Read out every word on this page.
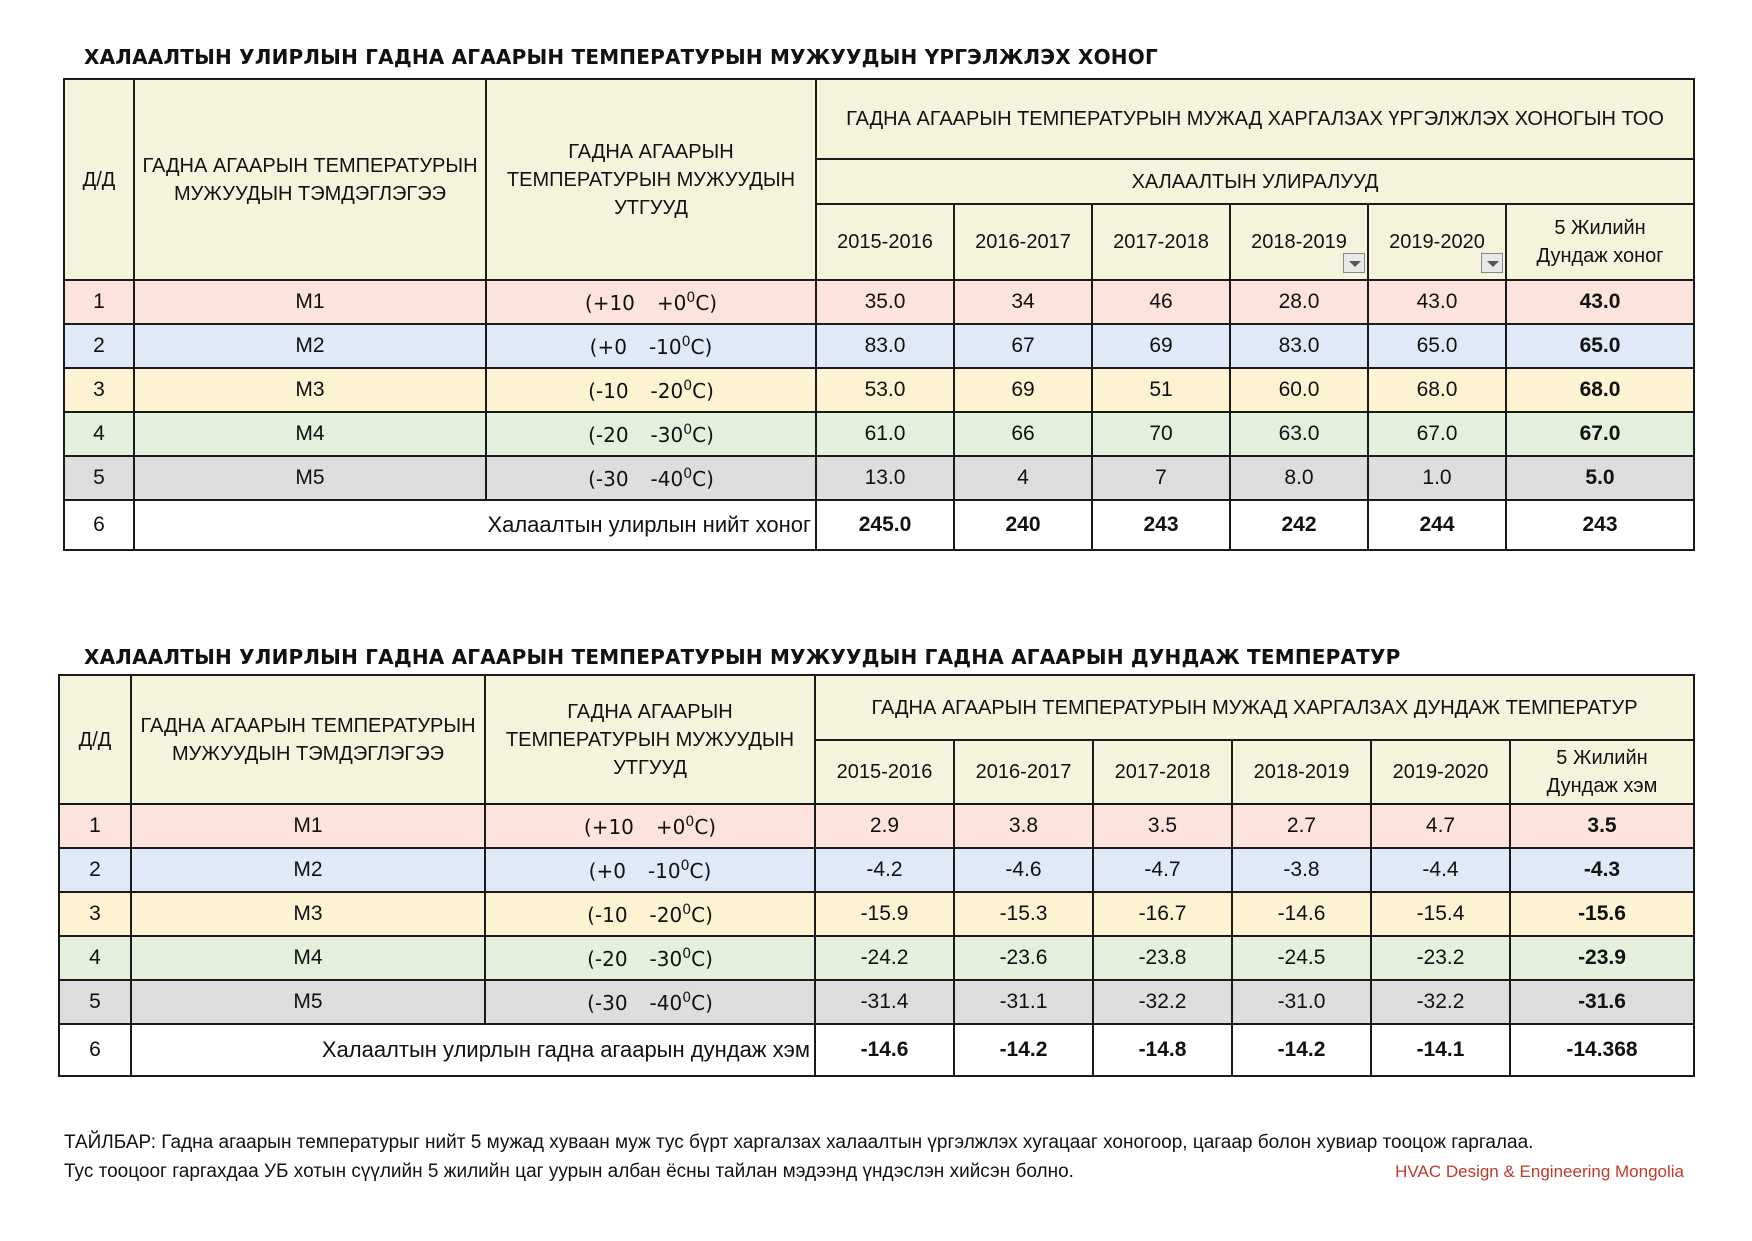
ХАЛААЛТЫН УЛИРЛЫН ГАДНА АГААРЫН ТЕМПЕРАТУРЫН МУЖУУДЫН ҮРГЭЛЖЛЭХ ХОНОГ
Д/Д	ГАДНА АГААРЫН ТЕМПЕРАТУРЫН МУЖУУДЫН ТЭМДЭГЛЭГЭЭ	ГАДНА АГААРЫН ТЕМПЕРАТУРЫН МУЖУУДЫН УТГУУД	ГАДНА АГААРЫН ТЕМПЕРАТУРЫН МУЖАД ХАРГАЛЗАХ ҮРГЭЛЖЛЭХ ХОНОГЫН ТОО					
			ХАЛААЛТЫН УЛИРАЛУУД					
			2015-2016	2016-2017	2017-2018	2018-2019	2019-2020	5 Жилийн
Дундаж хоног

1	M1	$(+10 +0^0C)$	35.0	34	46	28.0	43.0	43.0
2	M2	(+0 $-10^0C$)	83.0	67	69	83.0	65.0	65.0
3	M3	(-10 $-20^0C$)	53.0	69	51	60.0	68.0	68.0
4	M4	(-20 $-30^0C$)	61.0	66	70	63.0	67.0	67.0
5	M5	(-30 $-40^0C$)	13.0	4	7	8.0	1.0	5.0
6	Халаалтын улирлын нийт хоног		245.0	240	243	242	244	243
ХАЛААЛТЫН УЛИРЛЫН ГАДНА АГААРЫН ТЕМПЕРАТУРЫН МУЖУУДЫН ГАДНА АГААРЫН ДУНДАЖ ТЕМПЕРАТУР
Д/Д	ГАДНА АГААРЫН ТЕМПЕРАТУРЫН МУЖУУДЫН ТЭМДЭГЛЭГЭЭ	ГАДНА АГААРЫН ТЕМПЕРАТУРЫН МУЖУУДЫН УТГУУД	ГАДНА АГААРЫН ТЕМПЕРАТУРЫН МУЖАД ХАРГАЛЗАХ ДУНДАЖ ТЕМПЕРАТУР					
			2015-2016	2016-2017	2017-2018	2018-2019	2019-2020	5 Жилийн
Дундаж хэм

1	M1	$(+10 +0^0C)$	2.9	3.8	3.5	2.7	4.7	3.5
2	M2	(+0 $-10^0C$)	-4.2	-4.6	-4.7	-3.8	-4.4	-4.3
3	M3	(-10 $-20^0C$)	-15.9	-15.3	-16.7	-14.6	-15.4	-15.6
4	M4	(-20 $-30^0C$)	-24.2	-23.6	-23.8	-24.5	-23.2	-23.9
5	M5	(-30 $-40^0C$)	-31.4	-31.1	-32.2	-31.0	-32.2	-31.6
6	Халаалтын улирлын гадна агаарын дундаж хэм		-14.6	-14.2	-14.8	-14.2	-14.1	-14.368
ТАЙЛБАР: Гадна агаарын температурыг нийт 5 мужад хуваан муж тус бүрт харгалзах халаалтын үргэлжлэх хугацааг хоногоор, цагаар болон хувиар тооцож гаргалаа.
Тус тооцоог гаргахдаа УБ хотын сүүлийн 5 жилийн цаг уурын албан ёсны тайлан мэдээнд үндэслэн хийсэн болно.	HVAC Design & Engineering Mongolia
